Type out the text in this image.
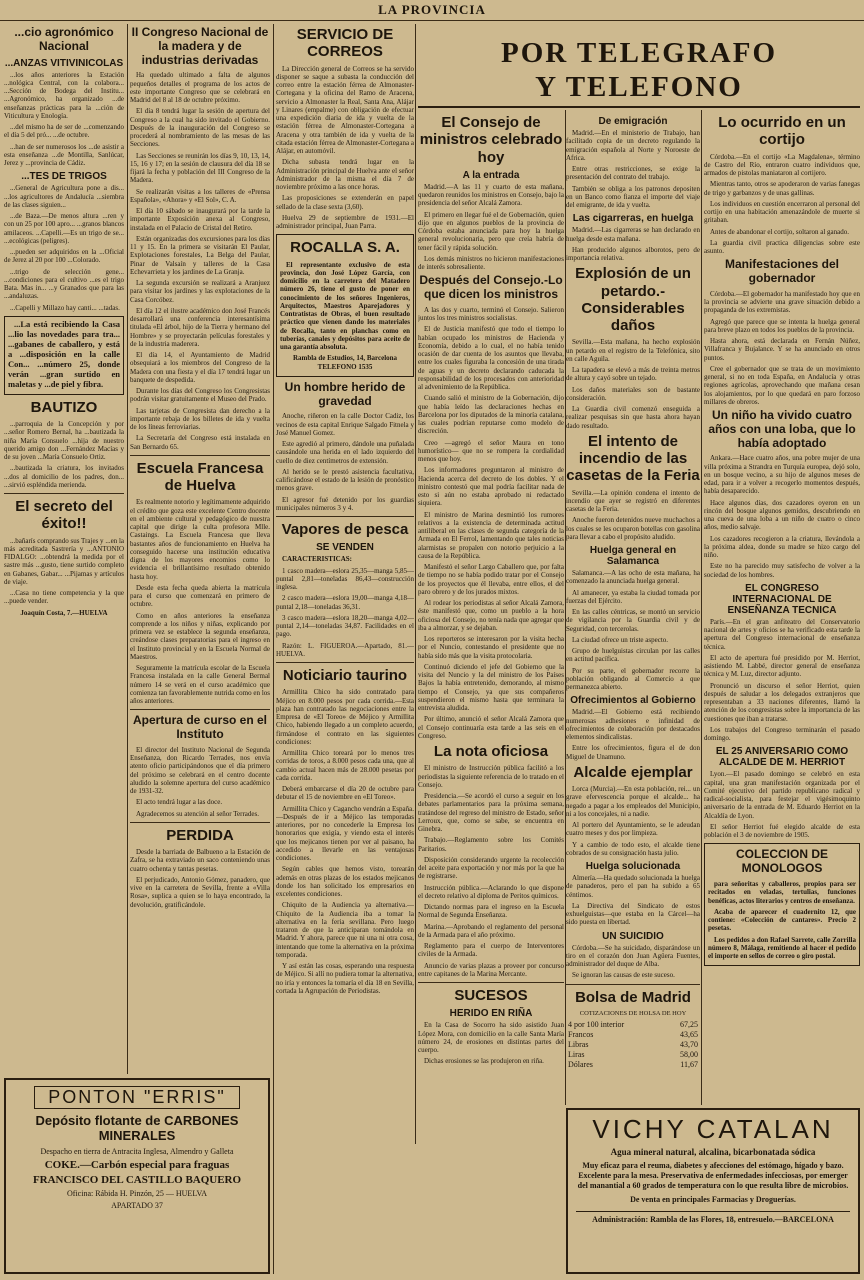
LA PROVINCIA
...cio agronómico Nacional
...ANZAS VITIVINICOLAS

...los años anteriores la Estación ...nológica Central, con la colabora... ...Sección de Bodega del Institu... ...Agronómico, ha organizado ...de enseñanzas prácticas para la ...ción de Viticultura y Enología.

...del mismo ha de ser de ...comenzando el día 5 del pró... ...de octubre.

...han de ser numerosos los ...de asistir a esta enseñanza ...de Montilla, Sanlúcar, Jerez y ...provincia de Cádiz.

...TES DE TRIGOS

...General de Agricultura pone a dis... ...los agricultores de Andalucía ...siembra de las clases siguien...

...de Baza.—De menos altura ...ren y con un 25 por 100 apro... ...granos blancos amilaceos. ...Capelli.—Es un trigo de se... ...ecológicas (peligres).

...pueden ser adquiridos en la ...Oficial de Jerez al 20 por 100 ...Colorado.

...trigo de selección gene... ...condiciones para el cultivo ...es el trigo Bata. Mas in... ...y Granados que para las ...andaluzas.

...Capelli y Millazo hay canti... ...tadas.

...La está recibiendo la Casa ...lio las novedades para tra... ...gabanes de caballero, y está a ...disposición en la calle Con... ...número 25, donde verán ...gran surtido en maletas y ...de piel y fibra.

BAUTIZO

...parroquia de la Concepción y por ...señor Romero Bernal, ha ...bautizada la niña María Consuelo ...hija de nuestro querido amigo don ...Fernández Macías y de su joven ...María Consuelo Ortiz.

...bautizada la criatura, los invitados ...dos al domicilio de los padres, don... ...sirvió espléndida merienda.

El secreto del éxito!!

...bañarís comprando sus Trajes y ...en la más acreditada Sastrería y ...ANTONIO FIDALGO: ...obtendrá la medida por el sastre más ...gusto, tiene surtido completo en Gabanes, Gabar... ...Pijamas y artículos de viaje.

...Casa no tiene competencia y la que ...puede vender.

Joaquín Costa, 7.—HUELVA

II Congreso Nacional de la madera y de industrias derivadas

Ha quedado ultimado a falta de algunos pequeños detalles el programa de los actos de este importante Congreso que se celebrará en Madrid del 8 al 18 de octubre próximo.

El día 8 tendrá lugar la sesión de apertura del Congreso a la cual ha sido invitado el Gobierno. Después de la inauguración del Congreso se procederá al nombramiento de las mesas de las Secciones.

Las Secciones se reunirán los días 9, 10, 13, 14, 15, 16 y 17; en la sesión de clausura del día 18 se fijará la fecha y población del III Congreso de la Madera.

Se realizarán visitas a los talleres de «Prensa Española», «Ahora» y «El Sol», C. A.

El día 10 sábado se inaugurará por la tarde la importante Exposición anexa al Congreso, instalada en el Palacio de Cristal del Retiro.

Están organizadas dos excursiones para los días 11 y 15. En la primera se visitarán El Paular, Explotaciones forestales, La Belga del Paular, Pinar de Valsaín y talleres de la Casa Echevarrieta y los jardines de La Granja.

La segunda excursión se realizará a Aranjuez para visitar los jardines y las explotaciones de la Casa Corcóbez.

El día 12 el ilustre académico don José Francés desarrollará una conferencia interesantísima titulada «El árbol, hijo de la Tierra y hermano del Hombre» y se proyectarán películas forestales y de la industria maderera.

El día 14, el Ayuntamiento de Madrid obsequiará a los miembros del Congreso de la Madera con una fiesta y el día 17 tendrá lugar un banquete de despedida.

Durante los días del Congreso los Congresistas podrán visitar gratuitamente el Museo del Prado.

Las tarjetas de Congresista dan derecho a la importante rebaja de los billetes de ida y vuelta de los líneas ferroviarias.

La Secretaría del Congreso está instalada en San Bernardo 65.

Escuela Francesa de Huelva

Es realmente notorio y legítimamente adquirido el crédito que goza este excelente Centro docente en el ambiente cultural y pedagógico de nuestra capital que dirige la culta profesora Mlle. Castaings. La Escuela Francesa que lleva bastantes años de funcionamiento en Huelva ha conseguido hacerse una institución educativa digna de los mayores encomios como lo evidencia el brillantísimo resultado obtenido hasta hoy.

Desde esta fecha queda abierta la matrícula para el curso que comenzará en primero de octubre.

Como en años anteriores la enseñanza comprende a los niños y niñas, explicando por primera vez se establece la segunda enseñanza, creándose clases preparatorias para el ingreso en el Instituto provincial y en la Escuela Normal de Maestros.

Seguramente la matrícula escolar de la Escuela Francesa instalada en la calle General Bermal número 14 se verá en el curso académico que comienza tan favorablemente nutrida como en los años anteriores.

Apertura de curso en el Instituto

El director del Instituto Nacional de Segunda Enseñanza, don Ricardo Terrades, nos envía atento oficio participándonos que el día primero del próximo se celebrará en el centro docente aludido la solemne apertura del curso académico de 1931-32.

El acto tendrá lugar a las doce.

Agradecemos su atención al señor Terrades.

PERDIDA

Desde la barriada de Balbueno a la Estación de Zafra, se ha extraviado un saco conteniendo unas cuatro ochenta y tantas pesetas.

El perjudicado, Antonio Gómez, panadero, que vive en la carretera de Sevilla, frente a «Villa Rosa», suplica a quien se lo haya encontrado, la devolución, gratificándole.

SERVICIO DE CORREOS

La Dirección general de Correos se ha servido disponer se saque a subasta la conducción del correo entre la estación férrea de Almonaster-Cortegana y la oficina del Ramo de Aracena, servicio a Almonaster la Real, Santa Ana, Alájar y Linares (empalme) con obligación de efectuar una expedición diaria de ida y vuelta de la estación férrea de Almonaster-Cortegana a Aracena y otra también de ida y vuelta de la citada estación férrea de Almonaster-Cortegana a Alájar, en automóvil.

Dicha subasta tendrá lugar en la Administración principal de Huelva ante el señor Administrador de la misma el día 7 de noviembre próximo a las once horas.

Las proposiciones se extenderán en papel sellado de la clase sexta (3,60).

Huelva 29 de septiembre de 1931.—El administrador principal, Juan Parra.

ROCALLA S. A.

El representante exclusivo de esta provincia, don José López García, con domicilio en la carretera del Matadero número 26, tiene el gusto de poner en conocimiento de los señores Ingenieros, Arquitectos, Maestros Aparejadores y Contratistas de Obras, el buen resultado práctico que vienen dando los materiales de Rocalla, tanto en planchas como en tuberías, canales y depósitos para aceite de una garantía absoluta.

Rambla de Estudios, 14, Barcelona TELEFONO 1535

Un hombre herido de gravedad

Anoche, riñeron en la calle Doctor Cadiz, los vecinos de esta capital Enrique Salgado Fitnela y José Manuel Gomez.

Este agredió al primero, dándole una puñalada causándole una herida en el lado izquierdo del cuello de diez centímetros de extensión.

Al herido se le prestó asistencia facultativa, calificándose el estado de la lesión de pronóstico menos grave.

El agresor fué detenido por los guardias municipales números 3 y 4.

Vapores de pesca
SE VENDEN

CARACTERISTICAS:

1 casco madera—eslora 25,35—manga 5,85—puntal 2,81—toneladas 86,43—construcción inglesa.

2 casco madera—eslora 19,00—manga 4,18—puntal 2,18—toneladas 36,31.

3 casco madera—eslora 18,20—manga 4,02—puntal 2,14—toneladas 34,87. Facilidades en el pago.

Razón: L. FIGUEROA.—Apartado, 81.—HUELVA.

Noticiario taurino

Armillita Chico ha sido contratado para Méjico en 8.000 pesos por cada corrida.—Esta plaza han contratado las negociaciones entre la Empresa de «El Toreo» de Méjico y Armillita Chico, habiendo llegado a un completo acuerdo, firmándose el contrato en las siguientes condiciones:

Armillita Chico toreará por lo menos tres corridas de toros, a 8.000 pesos cada una, que al cambio actual hacen más de 28.000 pesetas por cada corrida.

Deberá embarcarse el día 20 de octubre para debutar el 15 de noviembre en «El Toreo».

Armillita Chico y Cagancho vendrán a España.—Después de ir a Méjico las temporadas anteriores, por no concederle la Empresa los honorarios que exigía, y viendo esta el interés que los mejicanos tienen por ver al paisano, ha accedido a llevarle en las ventajosas condiciones.

Según cables que hemos visto, torearán además en otras plazas de los estados mejicanos donde los han solicitado los empresarios en excelentes condiciones.

Chiquito de la Audiencia ya alternativa.—Chiquito de la Audiencia iba a tomar la alternativa en la feria sevillana. Pero luego trataron de que la anticiparan tomándola en Madrid. Y ahora, parece que ni una ni otra cosa, intentando que tome la alternativa en la próxima temporada.

Y así están las cosas, esperando una respuesta de Méjico. Si allí no pudiera tomar la alternativa, no iría y entonces la tomaría el día 18 en Sevilla, cortada la Agrupación de Periodistas.

POR TELEGRAFO
Y TELEFONO
El Consejo de ministros celebrado hoy
A la entrada

Madrid.—A las 11 y cuarto de esta mañana, quedaron reunidos los ministros en Consejo, bajo la presidencia del señor Alcalá Zamora.

El primero en llegar fué el de Gobernación, quien dijo que en algunos pueblos de la provincia de Córdoba estaba anunciada para hoy la huelga general revolucionaria, pero que creía habría de tener fácil y rápida solución.

Los demás ministros no hicieron manifestaciones de interés sobresaliente.

Después del Consejo.-Lo que dicen los ministros

A las dos y cuarto, terminó el Consejo. Salieron juntos los tres ministros socialistas.

El de Justicia manifestó que todo el tiempo lo habían ocupado los ministros de Hacienda y Economía, debido a lo cual, el no había tenido ocasión de dar cuenta de los asuntos que llevaba, entre los cuales figuraba la concesión de una tirada de aguas y un decreto declarando caducada la responsabilidad de los procesados con anterioridad al advenimiento de la República.

Cuando salió el ministro de la Gobernación, dijo que había leído las declaraciones hechas en Barcelona por los diputados de la minoría catalana, las cuales podrían reputarse como modelo de discreción.

Creo —agregó el señor Maura en tono humorístico— que no se rompera la cordialidad menos que hoy.

Los informadores preguntaron al ministro de Hacienda acerca del decreto de los dobles. Y el ministro contestó que mal podría facilitar nada de esto si aún no estaba aprobado ni redactado siquiera.

El ministro de Marina desmintió los rumores relativos a la existencia de determinada actitud antiliberal en las clases de segunda categoría de la Armada en El Ferrol, lamentando que tales noticias alarmistas se propalen con notorio perjuicio a la causa de la República.

Manifestó el señor Largo Caballero que, por falta de tiempo no se había podido tratar por el Consejo de los proyectos que él llevaba, entre ellos, el del paro obrero y de los jurados mixtos.

Al rodear los periodistas al señor Alcalá Zamora, éste manifestó que, como un pueblo a la hora oficiosa del Consejo, no tenía nada que agregar que iba a almorzar, y se dejaban.

Los reporteros se interesaron por la visita hecha por el Nuncio, contestando el presidente que no había sido más que la visita protocolaria.

Continuó diciendo el jefe del Gobierno que la visita del Nuncio y la del ministro de los Países Bajos la había entretenido, demorando, al mismo tiempo el Consejo, ya que sus compañeros suspendieron el mismo hasta que terminara la entrevista aludida.

Por último, anunció el señor Alcalá Zamora que el Consejo continuaría esta tarde a las seis en el Congreso.

La nota oficiosa

El ministro de Instrucción pública facilitó a los periodistas la siguiente referencia de lo tratado en el Consejo.

Presidencia.—Se acordó el curso a seguir en los debates parlamentarios para la próxima semana, tratándose del regreso del ministro de Estado, señor Lerroux, que, como se sabe, se encuentra en Ginebra.

Trabajo.—Reglamento sobre los Comités Paritarios.

Disposición considerando urgente la recolección del aceite para exportación y nor más por la que ha de registrarse.

Instrucción pública.—Aclarando lo que dispone el decreto relativo al diploma de Peritos químicos.

Dictando normas para el ingreso en la Escuela Normal de Segunda Enseñanza.

Marina.—Aprobando el reglamento del personal de la Armada para el año próximo.

Reglamento para el cuerpo de Interventores civiles de la Armada.

Anuncio de varias plazas a proveer por concurso entre capitanes de la Marina Mercante.

SUCESOS
HERIDO EN RIÑA

En la Casa de Socorro ha sido asistido Juan López Mora, con domicilio en la calle Santa María número 24, de erosiones en distintas partes del cuerpo.

Dichas erosiones se las produjeron en riña.

De emigración

Madrid.—En el ministerio de Trabajo, han facilitado copia de un decreto regulando la emigración española al Norte y Noroeste de Africa.

Entre otras restricciones, se exige la presentación del contrato del trabajo.

También se obliga a los patronos depositen en un Banco como fianza el importe del viaje del emigrante, de ida y vuelta.

Las cigarreras, en huelga

Madrid.—Las cigarreras se han declarado en huelga desde esta mañana.

Han producido algunos alborotos, pero de importancia relativa.

Explosión de un petardo.- Considerables daños

Sevilla.—Esta mañana, ha hecho explosión un petardo en el registro de la Telefónica, sito en calle Aguila.

La tapadera se elevó a más de treinta metros de altura y cayó sobre un tejado.

Los daños materiales son de bastante consideración.

La Guardia civil comenzó enseguida a realizar pesquisas sin que hasta ahora hayan dado resultado.

El intento de incendio de las casetas de la Feria

Sevilla.—La opinión condena el intento de incendio que ayer se registró en diferentes casetas de la Feria.

Anoche fueron detenidos nueve muchachos a los cuales se les ocuparon botellas con gasolina para llevar a cabo el propósito aludido.

Huelga general en Salamanca

Salamanca.—A las ocho de esta mañana, ha comenzado la anunciada huelga general.

Al amanecer, ya estaba la ciudad tomada por fuerzas del Ejército.

En las calles céntricas, se montó un servicio de vigilancia por la Guardia civil y de Seguridad, con tercerolas.

La ciudad ofrece un triste aspecto.

Grupo de huelguistas circulan por las calles en actitud pacífica.

Por su parte, el gobernador recorre la población obligando al Comercio a que permanezca abierto.

Ofrecimientos al Gobierno

Madrid.—El Gobierno está recibiendo numerosas adhesiones e infinidad de ofrecimientos de colaboración por destacados elementos sindicalistas.

Entre los ofrecimientos, figura el de don Miguel de Unamuno.

Alcalde ejemplar

Lorca (Murcia).—En esta población, rei... un grave efervescencia porque el alcalde... ha negado a pagar a los empleados del Municipio, ni a los concejales, ni a nadie.

Al portero del Ayuntamiento, se le adeudan cuatro meses y dos por limpieza.

Y a cambio de todo esto, el alcalde tiene cobrados de su consignación hasta julio.

Huelga solucionada

Almería.—Ha quedado solucionada la huelga de panaderos, pero el pan ha subido a 65 céntimos.

La Directiva del Sindicato de estos exhuelguistas—que estaba en la Cárcel—ha sido puesta en libertad.

UN SUICIDIO

Córdoba.—Se ha suicidado, disparándose un tiro en el corazón don Juan Agüera Fuentes, administrador del duque de Alba.

Se ignoran las causas de este suceso.

Bolsa de Madrid

COTIZACIONES DE HOLSA DE HOY

4 por 100 interior	67,25
Francos	43,65
Libras	43,70
Liras	58,00
Dólares	11,67
Lo ocurrido en un cortijo

Córdoba.—En el cortijo «La Magdalena», término de Castro del Río, entraron cuatro individuos que, armados de pistolas maniataron al cortijero.

Mientras tanto, otros se apoderaron de varias fanegas de trigo y garbanzos y de unas gallinas.

Los individuos en cuestión encerraron al personal del cortijo en una habitación amenazándole de muerte si gritaban.

Antes de abandonar el cortijo, soltaron al ganado.

La guardia civil practica diligencias sobre este asunto.

Manifestaciones del gobernador

Córdoba.—El gobernador ha manifestado hoy que en la provincia se advierte una grave situación debido a propaganda de los extremistas.

Agregó que parece que se intenta la huelga general para breve plazo en todos los pueblos de la provincia.

Hasta ahora, está declarada en Fernán Núñez, Villafranca y Bujalance. Y se ha anunciado en otros puntos.

Cree el gobernador que se trata de un movimiento general, si no en toda España, en Andalucía y otras regiones agrícolas, aprovechando que mañana cesan los alojamientos, por lo que quedará en paro forzoso millares de obreros.

Un niño ha vivido cuatro años con una loba, que lo había adoptado

Ankara.—Hace cuatro años, una pobre mujer de una villa próxima a Strandra en Turquía europea, dejó solo, en un bosque vecino, a su hijo de algunos meses de edad, para ir a volver a recogerlo momentos después, había desaparecido.

Hace algunos días, dos cazadores oyeron en un rincón del bosque algunos gemidos, descubriendo en una cueva de una loba a un niño de cuatro o cinco años, medio salvaje.

Los cazadores recogieron a la criatura, llevándola a la próxima aldea, donde su madre se hizo cargo del niño.

Este no ha parecido muy satisfecho de volver a la sociedad de los hombres.

EL CONGRESO INTERNACIONAL DE ENSEÑANZA TECNICA

París.—En el gran anfiteatro del Conservatorio nacional de artes y oficios se ha verificado esta tarde la apertura del Congreso internacional de enseñanza técnica.

El acto de apertura fué presidido por M. Herriot, asistiendo M. Labbé, director general de enseñanza técnica y M. Luz, director adjunto.

Pronunció un discurso el señor Herriot, quien después de saludar a los delegados extranjeros que representaban a 33 naciones diferentes, llamó la atención de los congresistas sobre la importancia de las cuestiones que iban a tratarse.

Los trabajos del Congreso terminarán el pasado domingo.

EL 25 ANIVERSARIO COMO ALCALDE DE M. HERRIOT

Lyon.—El pasado domingo se celebró en esta capital, una gran manifestación organizada por el Comité ejecutivo del partido republicano radical y radical-socialista, para festejar el vigésimoquinto aniversario de la entrada de M. Eduardo Herriot en la Alcaldía de Lyon.

El señor Herriot fué elegido alcalde de esta población el 3 de noviembre de 1905.

COLECCION DE MONOLOGOS

para señoritas y caballeros, propios para ser recitados en veladas, tertulias, funciones benéficas, actos literarios y centros de enseñanza.

Acaba de aparecer el cuadernito 12, que contiene: «Colección de cantares». Precio 2 pesetas.

Los pedidos a don Rafael Sarrete, calle Zorrilla número 8, Málaga, remitiendo al hacer el pedido el importe en sellos de correo o giro postal.

PONTON "ERRIS"
Depósito flotante de CARBONES MINERALES
Despacho en tierra de Antracita Inglesa, Almendro y Galleta
COKE.—Carbón especial para fraguas
FRANCISCO DEL CASTILLO BAQUERO
Oficina: Rábida H. Pinzón, 25 — HUELVA
APARTADO 37
VICHY CATALAN
Agua mineral natural, alcalina, bicarbonatada sódica
Muy eficaz para el reuma, diabetes y afecciones del estómago, hígado y bazo. Excelente para la mesa. Preservativa de enfermedades infecciosas, por emerger del manantial a 60 grados de temperatura con lo que resulta libre de microbios.
De venta en principales Farmacias y Droguerías.
Administración: Rambla de las Flores, 18, entresuelo.—BARCELONA
